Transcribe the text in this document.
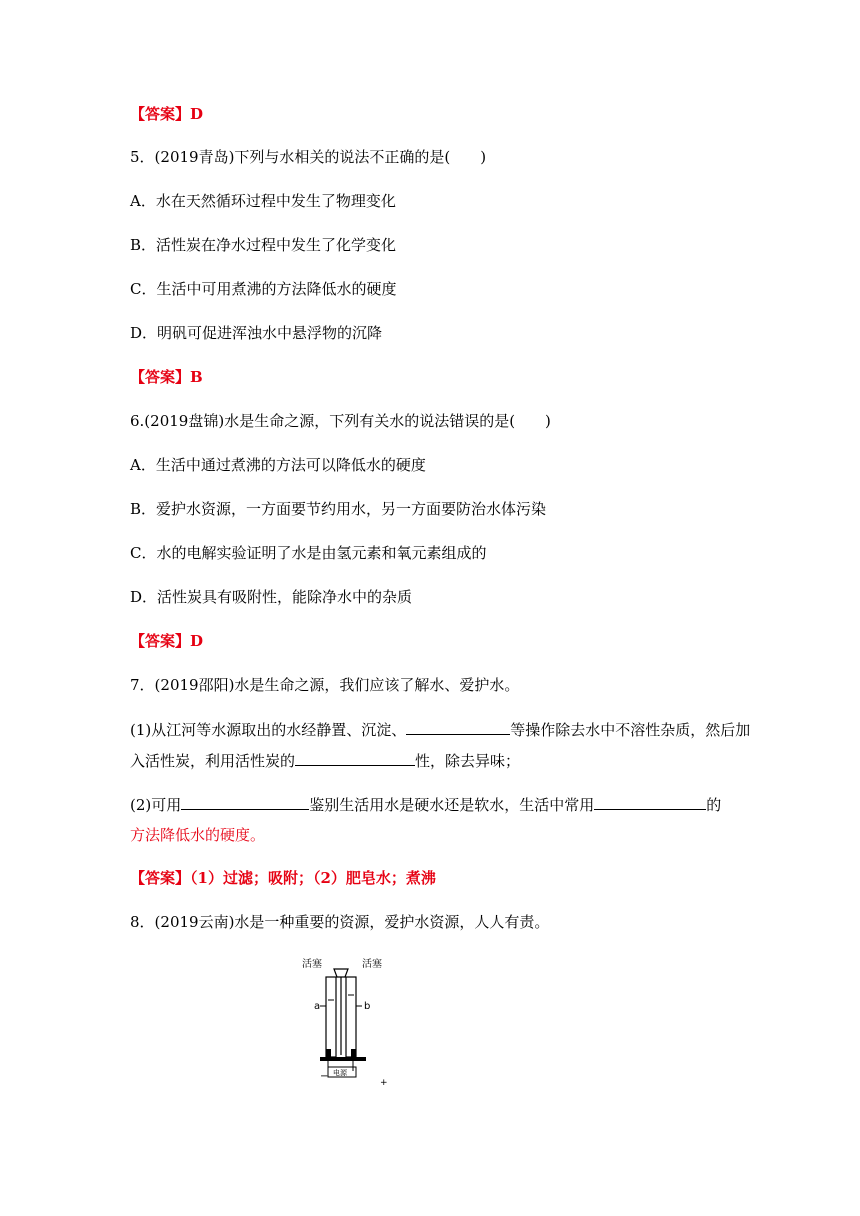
【答案】D
5．(2019青岛)下列与水相关的说法不正确的是(　　)
A．水在天然循环过程中发生了物理变化
B．活性炭在净水过程中发生了化学变化
C．生活中可用煮沸的方法降低水的硬度
D．明矾可促进浑浊水中悬浮物的沉降
【答案】B
6.(2019盘锦)水是生命之源，下列有关水的说法错误的是(　　)
A．生活中通过煮沸的方法可以降低水的硬度
B．爱护水资源，一方面要节约用水，另一方面要防治水体污染
C．水的电解实验证明了水是由氢元素和氧元素组成的
D．活性炭具有吸附性，能除净水中的杂质
【答案】D
7．(2019邵阳)水是生命之源，我们应该了解水、爱护水。
(1)从江河等水源取出的水经静置、沉淀、	等操作除去水中不溶性杂质，然后加
入活性炭，利用活性炭的	性，除去异味；
(2)可用	鉴别生活用水是硬水还是软水，生活中常用	的
方法降低水的硬度。
【答案】（1）过滤；吸附；（2）肥皂水；煮沸
8．(2019云南)水是一种重要的资源，爱护水资源，人人有责。
活塞	活塞
a	b
电源
−
+
